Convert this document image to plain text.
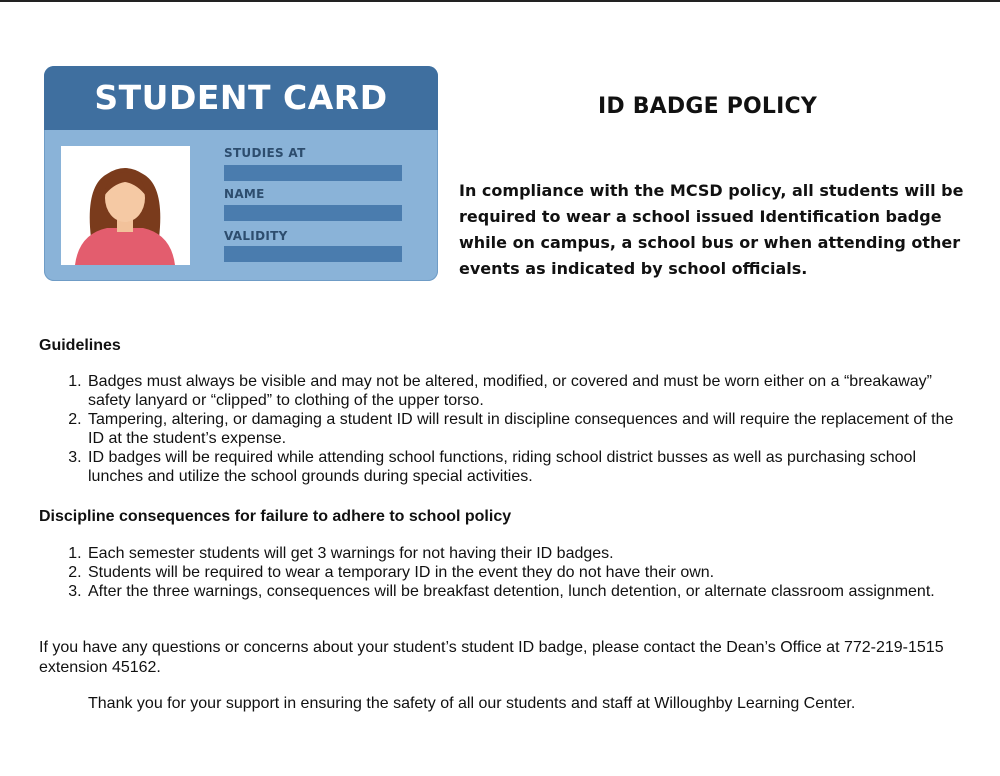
STUDENT CARD
STUDIES AT
NAME
VALIDITY
ID BADGE POLICY
In compliance with the MCSD policy, all students will be required to wear a school issued Identification badge while on campus, a school bus or when attending other events as indicated by school officials.
Guidelines
1. Badges must always be visible and may not be altered, modified, or covered and must be worn either on a “breakaway” safety lanyard or “clipped” to clothing of the upper torso.
2. Tampering, altering, or damaging a student ID will result in discipline consequences and will require the replacement of the ID at the student’s expense.
3. ID badges will be required while attending school functions, riding school district busses as well as purchasing school lunches and utilize the school grounds during special activities.
Discipline consequences for failure to adhere to school policy
1. Each semester students will get 3 warnings for not having their ID badges.
2. Students will be required to wear a temporary ID in the event they do not have their own.
3. After the three warnings, consequences will be breakfast detention, lunch detention, or alternate classroom assignment.
If you have any questions or concerns about your student’s student ID badge, please contact the Dean’s Office at 772-219-1515 extension 45162.
Thank you for your support in ensuring the safety of all our students and staff at Willoughby Learning Center.
